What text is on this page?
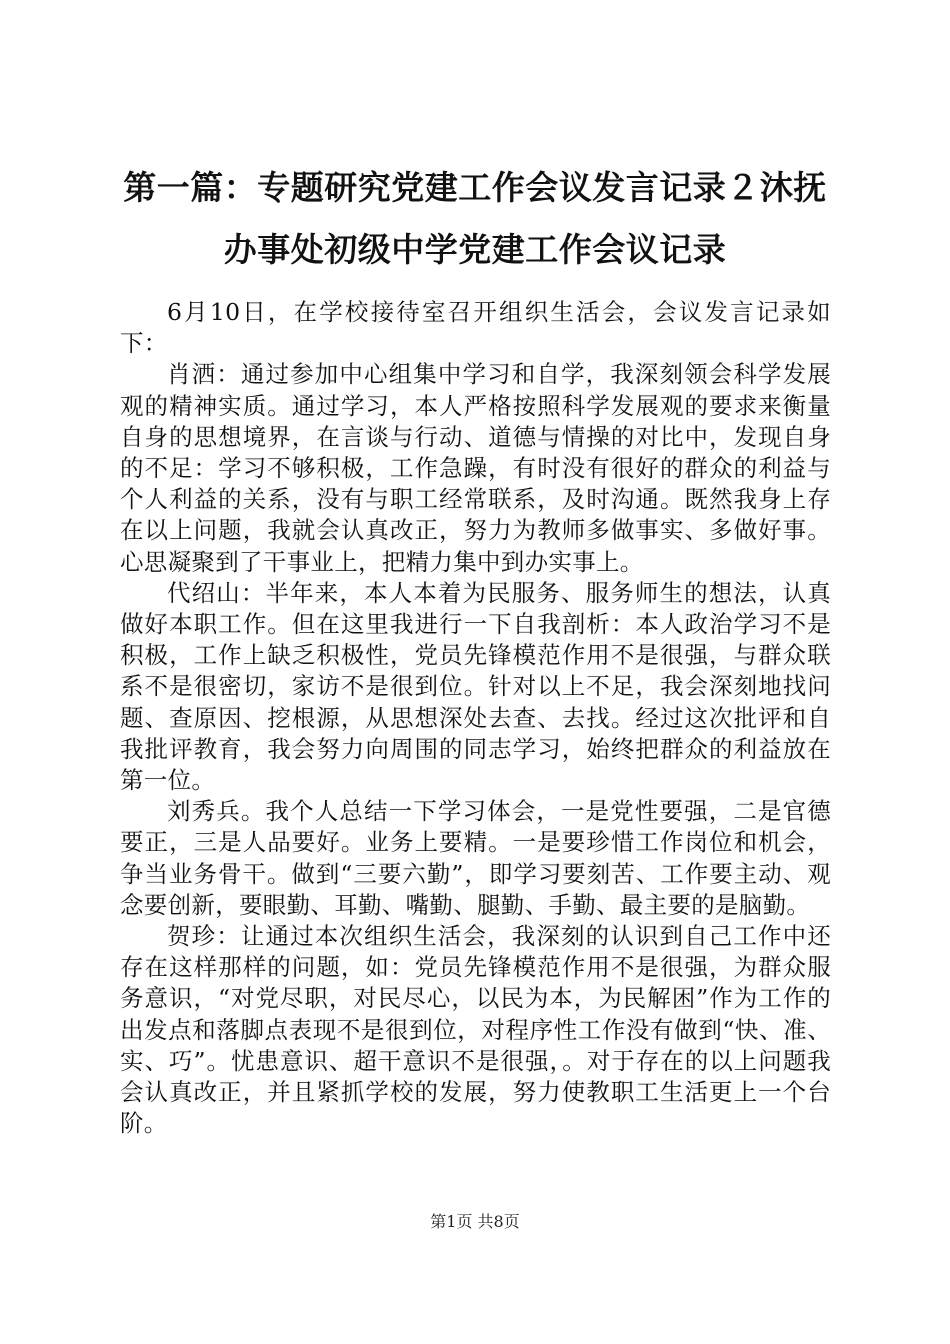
第一篇：专题研究党建工作会议发言记录２沐抚办事处初级中学党建工作会议记录

6月10日，在学校接待室召开组织生活会，会议发言记录如下：

肖洒：通过参加中心组集中学习和自学，我深刻领会科学发展观的精神实质。通过学习，本人严格按照科学发展观的要求来衡量自身的思想境界，在言谈与行动、道德与情操的对比中，发现自身的不足：学习不够积极，工作急躁，有时没有很好的群众的利益与个人利益的关系，没有与职工经常联系，及时沟通。既然我身上存在以上问题，我就会认真改正，努力为教师多做事实、多做好事。心思凝聚到了干事业上，把精力集中到办实事上。

代绍山：半年来，本人本着为民服务、服务师生的想法，认真做好本职工作。但在这里我进行一下自我剖析：本人政治学习不是积极，工作上缺乏积极性，党员先锋模范作用不是很强，与群众联系不是很密切，家访不是很到位。针对以上不足，我会深刻地找问题、查原因、挖根源，从思想深处去查、去找。经过这次批评和自我批评教育，我会努力向周围的同志学习，始终把群众的利益放在第一位。

刘秀兵。我个人总结一下学习体会，一是党性要强，二是官德要正，三是人品要好。业务上要精。一是要珍惜工作岗位和机会，争当业务骨干。做到“三要六勤”，即学习要刻苦、工作要主动、观念要创新，要眼勤、耳勤、嘴勤、腿勤、手勤、最主要的是脑勤。

贺珍：让通过本次组织生活会，我深刻的认识到自己工作中还存在这样那样的问题，如：党员先锋模范作用不是很强，为群众服务意识，“对党尽职，对民尽心，以民为本，为民解困”作为工作的出发点和落脚点表现不是很到位，对程序性工作没有做到“快、准、实、巧”。忧患意识、超干意识不是很强，。对于存在的以上问题我会认真改正，并且紧抓学校的发展，努力使教职工生活更上一个台阶。

第1页 共8页
